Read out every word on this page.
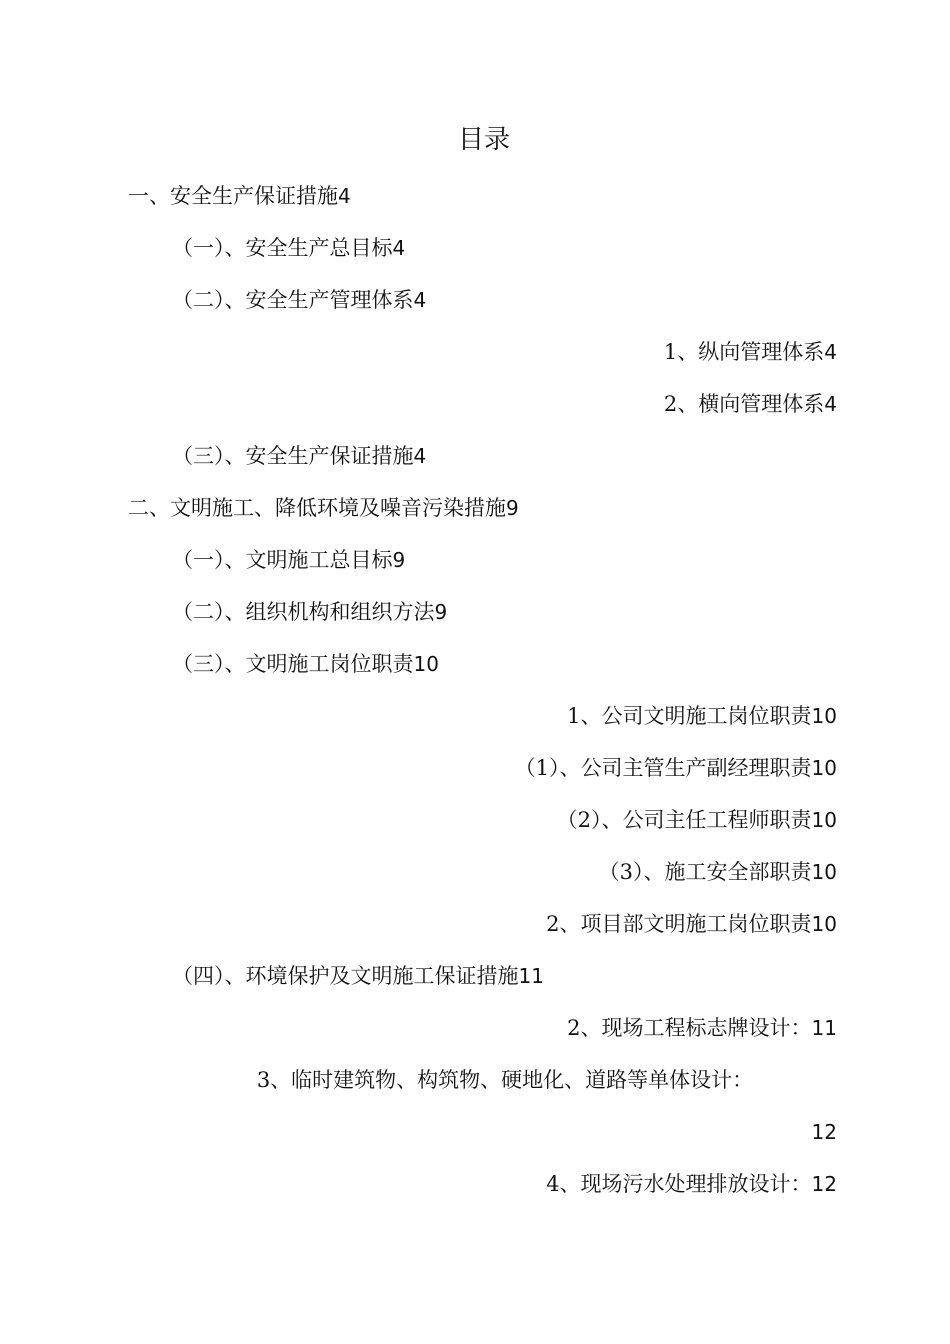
目录
一、安全生产保证措施4
（一）、安全生产总目标4
（二）、安全生产管理体系4
1、纵向管理体系4
2、横向管理体系4
（三）、安全生产保证措施4
二、文明施工、降低环境及噪音污染措施9
（一）、文明施工总目标9
（二）、组织机构和组织方法9
（三）、文明施工岗位职责10
1、公司文明施工岗位职责10
（1）、公司主管生产副经理职责10
（2）、公司主任工程师职责10
（3）、施工安全部职责10
2、项目部文明施工岗位职责10
（四）、环境保护及文明施工保证措施11
2、现场工程标志牌设计：11
3、临时建筑物、构筑物、硬地化、道路等单体设计：
12
4、现场污水处理排放设计：12
